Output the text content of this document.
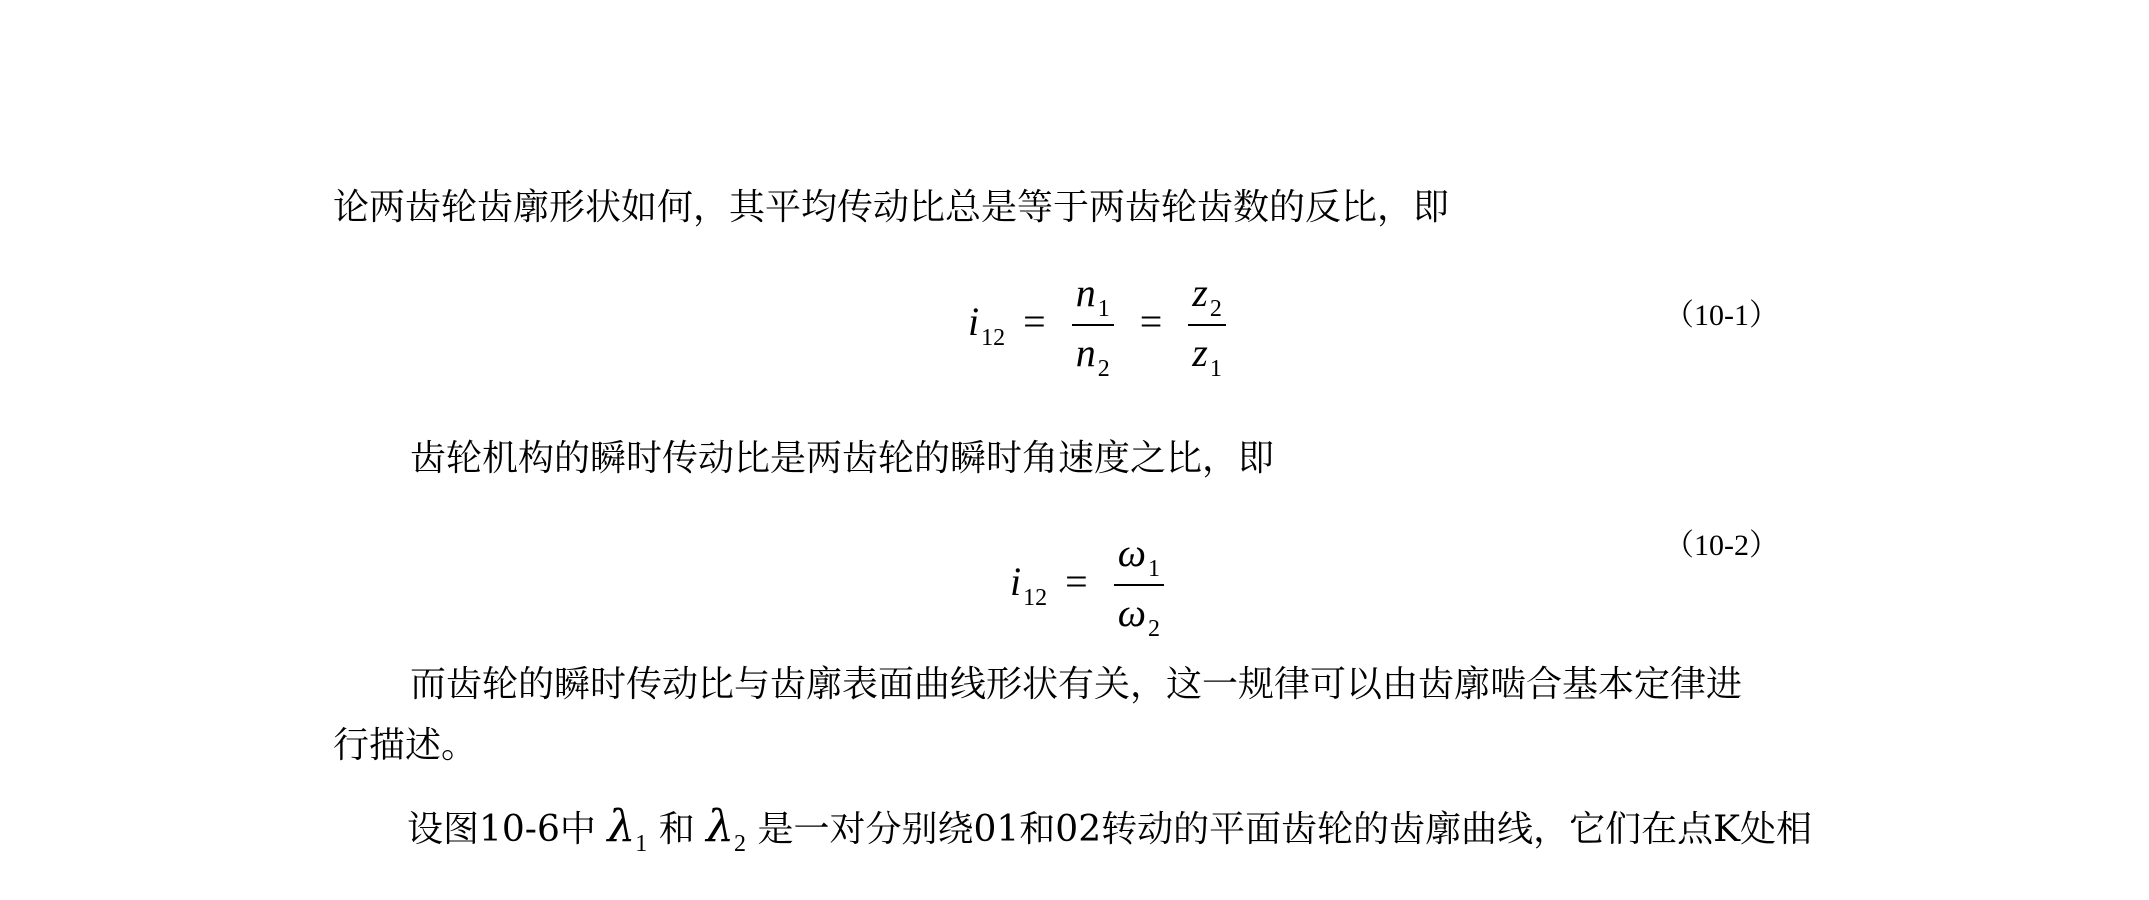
论两齿轮齿廓形状如何，其平均传动比总是等于两齿轮齿数的反比，即
$i_{12} = \frac{n_1}{n_2} = \frac{z_2}{z_1}$	（10-1）
齿轮机构的瞬时传动比是两齿轮的瞬时角速度之比，即
$i_{12} = \frac{\omega_1}{\omega_2}$	（10-2）
而齿轮的瞬时传动比与齿廓表面曲线形状有关，这一规律可以由齿廓啮合基本定律进
行描述。
设图10-6中 $\lambda_1$ 和 $\lambda_2$ 是一对分别绕01和02转动的平面齿轮的齿廓曲线，它们在点K处相
